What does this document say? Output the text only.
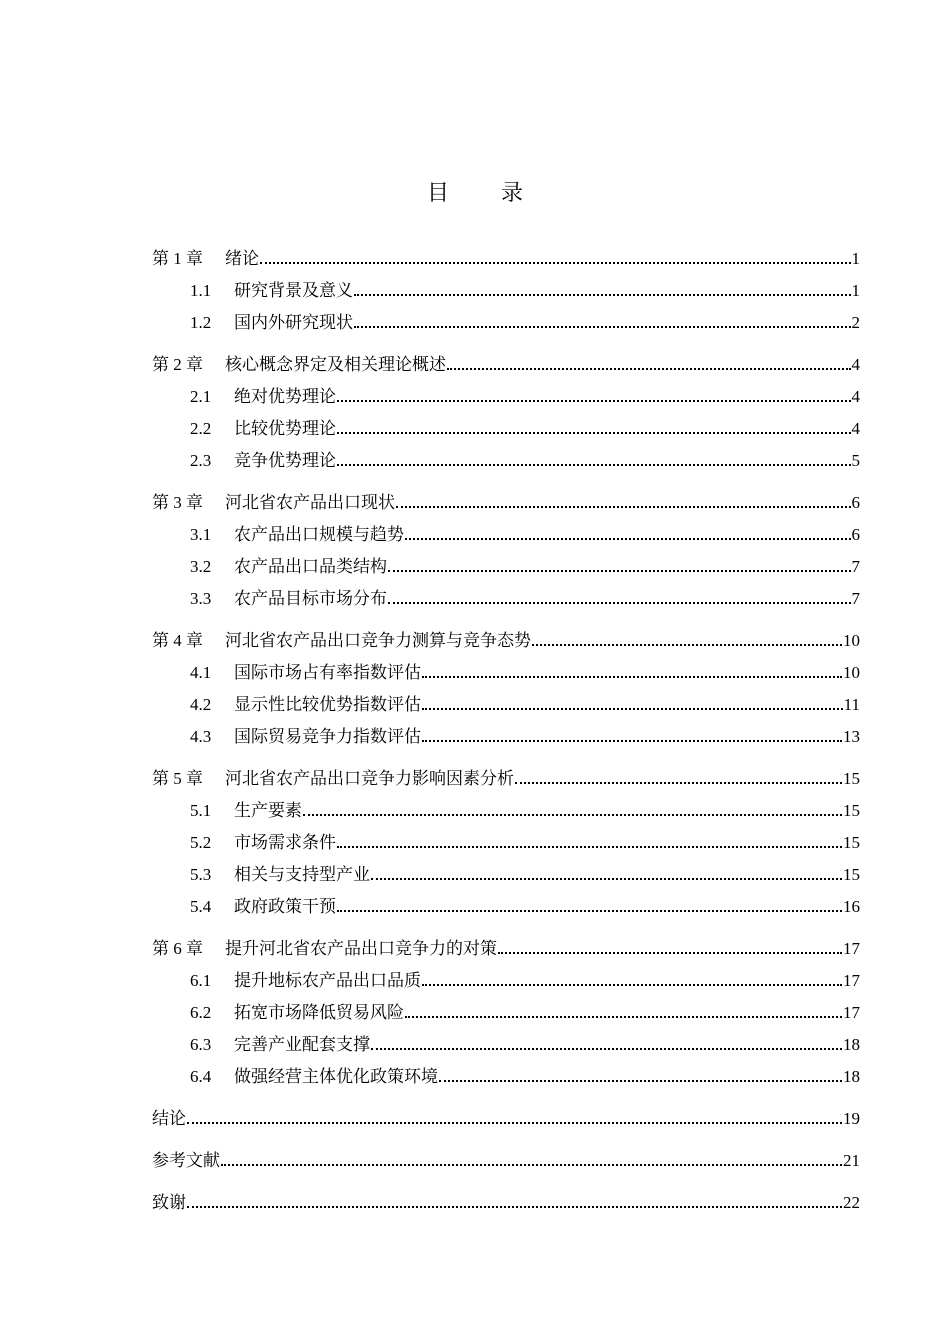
目 录
第 1 章 绪论	1
1.1	研究背景及意义	1
1.2	国内外研究现状	2
第 2 章 核心概念界定及相关理论概述	4
2.1	绝对优势理论	4
2.2	比较优势理论	4
2.3	竞争优势理论	5
第 3 章 河北省农产品出口现状	6
3.1	农产品出口规模与趋势	6
3.2	农产品出口品类结构	7
3.3	农产品目标市场分布	7
第 4 章 河北省农产品出口竞争力测算与竞争态势	10
4.1	国际市场占有率指数评估	10
4.2	显示性比较优势指数评估	11
4.3	国际贸易竞争力指数评估	13
第 5 章 河北省农产品出口竞争力影响因素分析	15
5.1	生产要素	15
5.2	市场需求条件	15
5.3	相关与支持型产业	15
5.4	政府政策干预	16
第 6 章 提升河北省农产品出口竞争力的对策	17
6.1	提升地标农产品出口品质	17
6.2	拓宽市场降低贸易风险	17
6.3	完善产业配套支撑	18
6.4	做强经营主体优化政策环境	18
结论	19
参考文献	21
致谢	22
